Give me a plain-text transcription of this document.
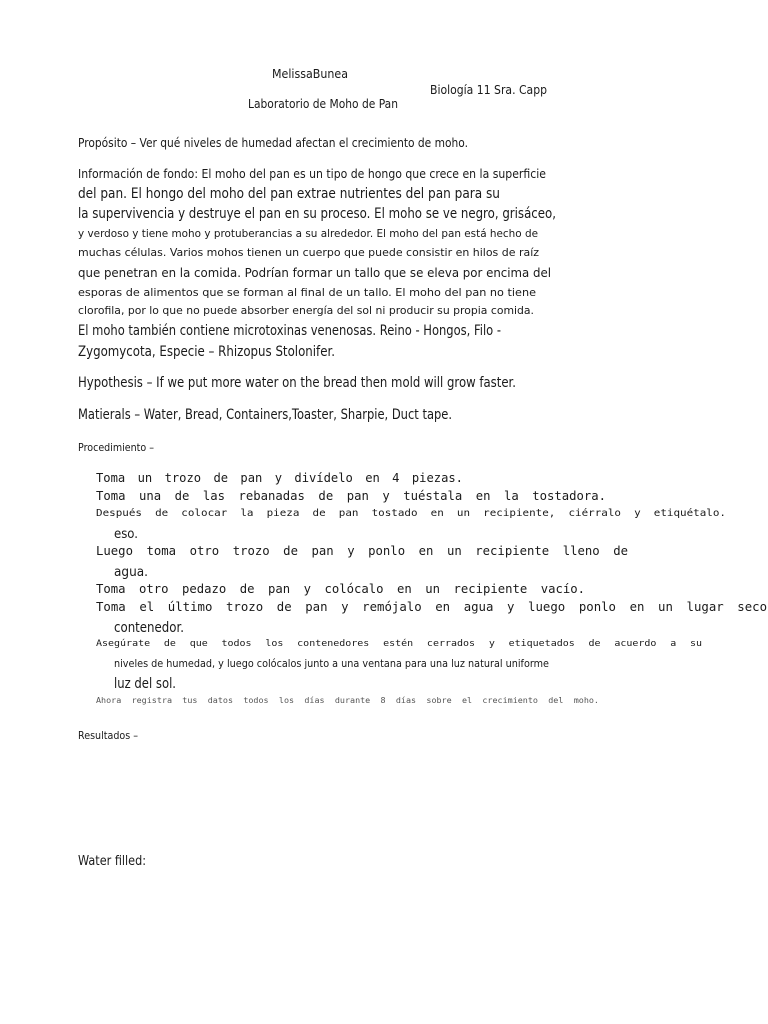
MelissaBunea
Biología 11 Sra. Capp
Laboratorio de Moho de Pan
Propósito – Ver qué niveles de humedad afectan el crecimiento de moho.
Información de fondo: El moho del pan es un tipo de hongo que crece en la superficie
del pan. El hongo del moho del pan extrae nutrientes del pan para su
la supervivencia y destruye el pan en su proceso. El moho se ve negro, grisáceo,
y verdoso y tiene moho y protuberancias a su alrededor. El moho del pan está hecho de
muchas células. Varios mohos tienen un cuerpo que puede consistir en hilos de raíz
que penetran en la comida. Podrían formar un tallo que se eleva por encima del
esporas de alimentos que se forman al final de un tallo. El moho del pan no tiene
clorofila, por lo que no puede absorber energía del sol ni producir su propia comida.
El moho también contiene microtoxinas venenosas. Reino - Hongos, Filo -
Zygomycota, Especie – Rhizopus Stolonifer.
Hypothesis – If we put more water on the bread then mold will grow faster.
Matierals – Water, Bread, Containers,Toaster, Sharpie, Duct tape.
Procedimiento –
Toma un trozo de pan y divídelo en 4 piezas.
Toma una de las rebanadas de pan y tuéstala en la tostadora.
Después de colocar la pieza de pan tostado en un recipiente, ciérralo y etiquétalo.
eso.
Luego toma otro trozo de pan y ponlo en un recipiente lleno de
agua.
Toma otro pedazo de pan y colócalo en un recipiente vacío.
Toma el último trozo de pan y remójalo en agua y luego ponlo en un lugar seco
contenedor.
Asegúrate de que todos los contenedores estén cerrados y etiquetados de acuerdo a su
niveles de humedad, y luego colócalos junto a una ventana para una luz natural uniforme
luz del sol.
Ahora registra tus datos todos los días durante 8 días sobre el crecimiento del moho.
Resultados –
Water filled:
